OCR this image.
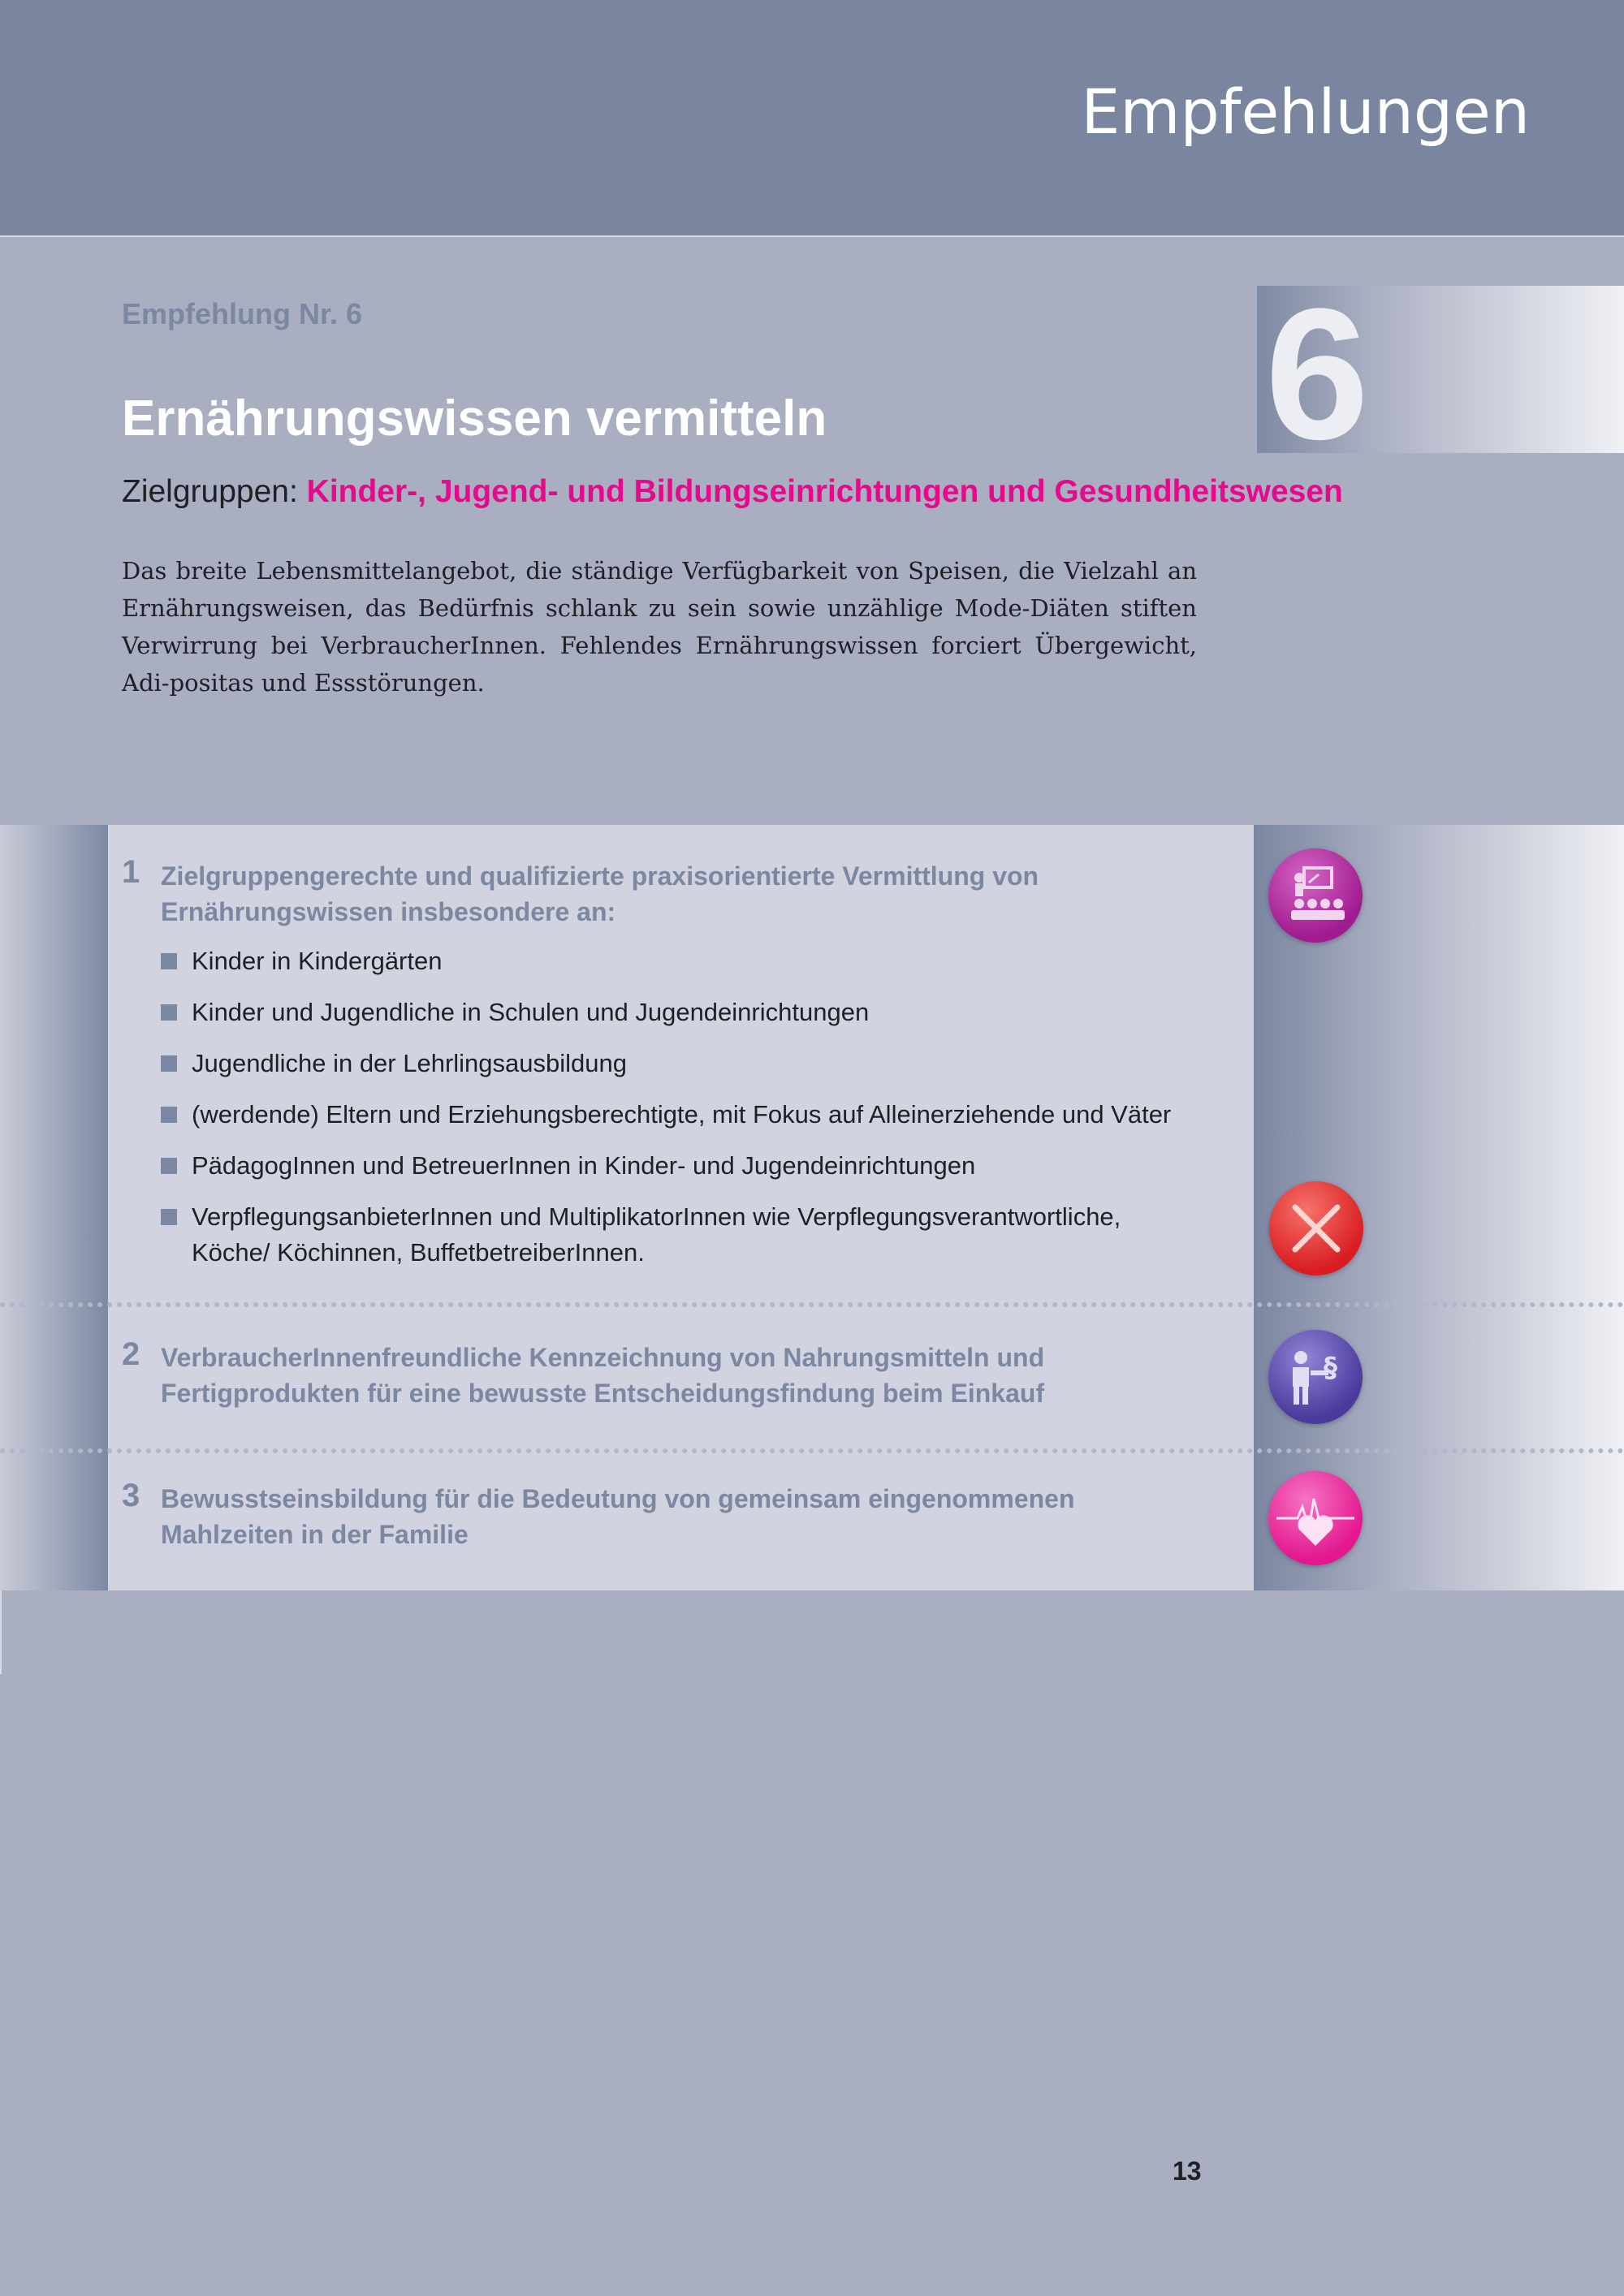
Empfehlungen
Empfehlung Nr. 6	6
Ernährungswissen vermitteln
Zielgruppen: Kinder-, Jugend- und Bildungseinrichtungen und Gesundheitswesen

Das breite Lebensmittelangebot, die ständige Verfügbarkeit von Speisen, die Vielzahl an Ernährungsweisen, das Bedürfnis schlank zu sein sowie unzählige Mode-Diäten stiften Verwirrung bei VerbraucherInnen. Fehlendes Ernährungswissen forciert Übergewicht, Adi-positas und Essstörungen.

1 Zielgruppengerechte und qualifizierte praxisorientierte Vermittlung von Ernährungswissen insbesondere an:

Kinder in Kindergärten
Kinder und Jugendliche in Schulen und Jugendeinrichtungen
Jugendliche in der Lehrlingsausbildung
(werdende) Eltern und Erziehungsberechtigte, mit Fokus auf Alleinerziehende und Väter
PädagogInnen und BetreuerInnen in Kinder- und Jugendeinrichtungen
VerpflegungsanbieterInnen und MultiplikatorInnen wie Verpflegungsverantwortliche, Köche/ Köchinnen, BuffetbetreiberInnen.
2 VerbraucherInnenfreundliche Kennzeichnung von Nahrungsmitteln und Fertigprodukten für eine bewusste Entscheidungsfindung beim Einkauf

3 Bewusstseinsbildung für die Bedeutung von gemeinsam eingenommenen Mahlzeiten in der Familie

§
13
